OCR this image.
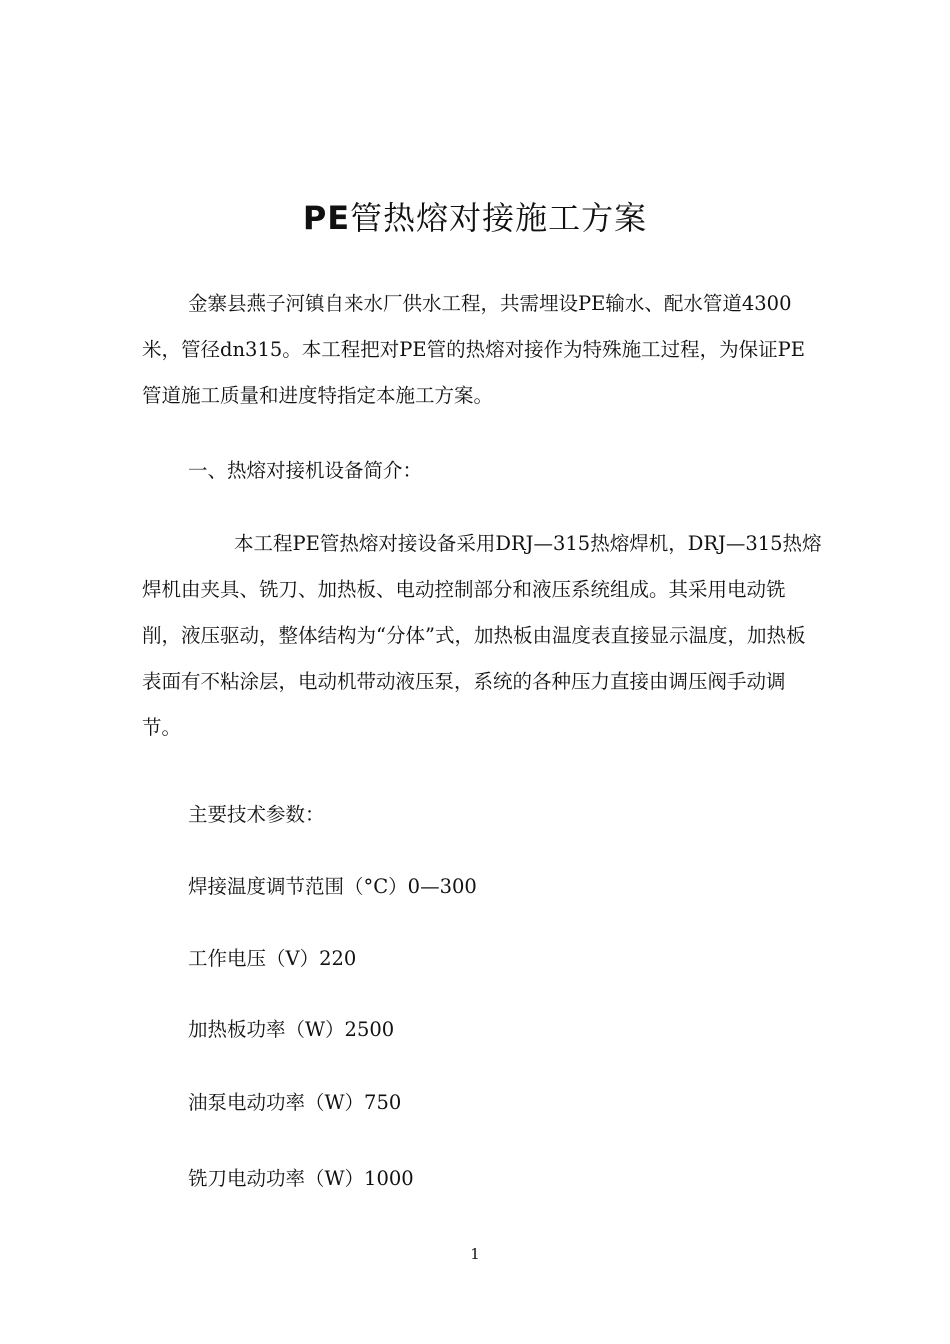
PE管热熔对接施工方案

金寨县燕子河镇自来水厂供水工程，共需埋设PE输水、配水管道4300米，管径dn315。本工程把对PE管的热熔对接作为特殊施工过程，为保证PE管道施工质量和进度特指定本施工方案。

一、热熔对接机设备简介：

本工程PE管热熔对接设备采用DRJ—315热熔焊机，DRJ—315热熔焊机由夹具、铣刀、加热板、电动控制部分和液压系统组成。其采用电动铣削，液压驱动，整体结构为“分体”式，加热板由温度表直接显示温度，加热板表面有不粘涂层，电动机带动液压泵，系统的各种压力直接由调压阀手动调节。

主要技术参数：

焊接温度调节范围（°C）0—300

工作电压（V）220

加热板功率（W）2500

油泵电动功率（W）750

铣刀电动功率（W）1000

1
